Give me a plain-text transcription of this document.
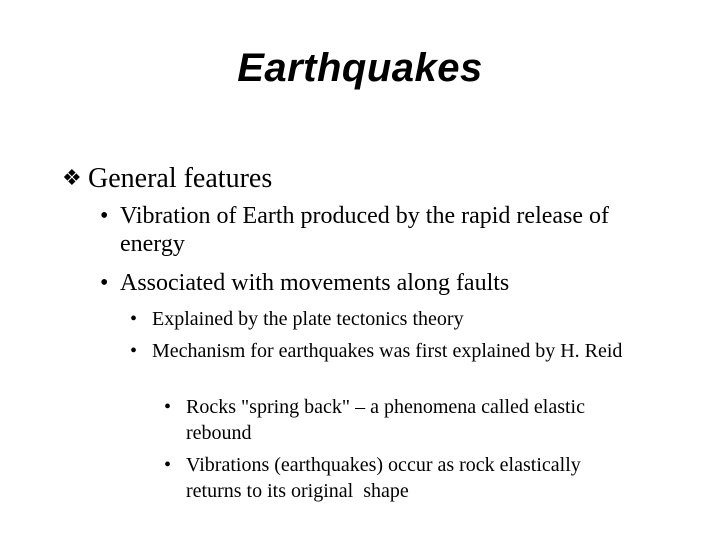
Earthquakes
❖ General features
• Vibration of Earth produced by the rapid release of energy
• Associated with movements along faults
• Explained by the plate tectonics theory
• Mechanism for earthquakes was first explained by H. Reid
• Rocks "spring back" – a phenomena called elastic rebound
• Vibrations (earthquakes) occur as rock elastically returns to its original  shape
